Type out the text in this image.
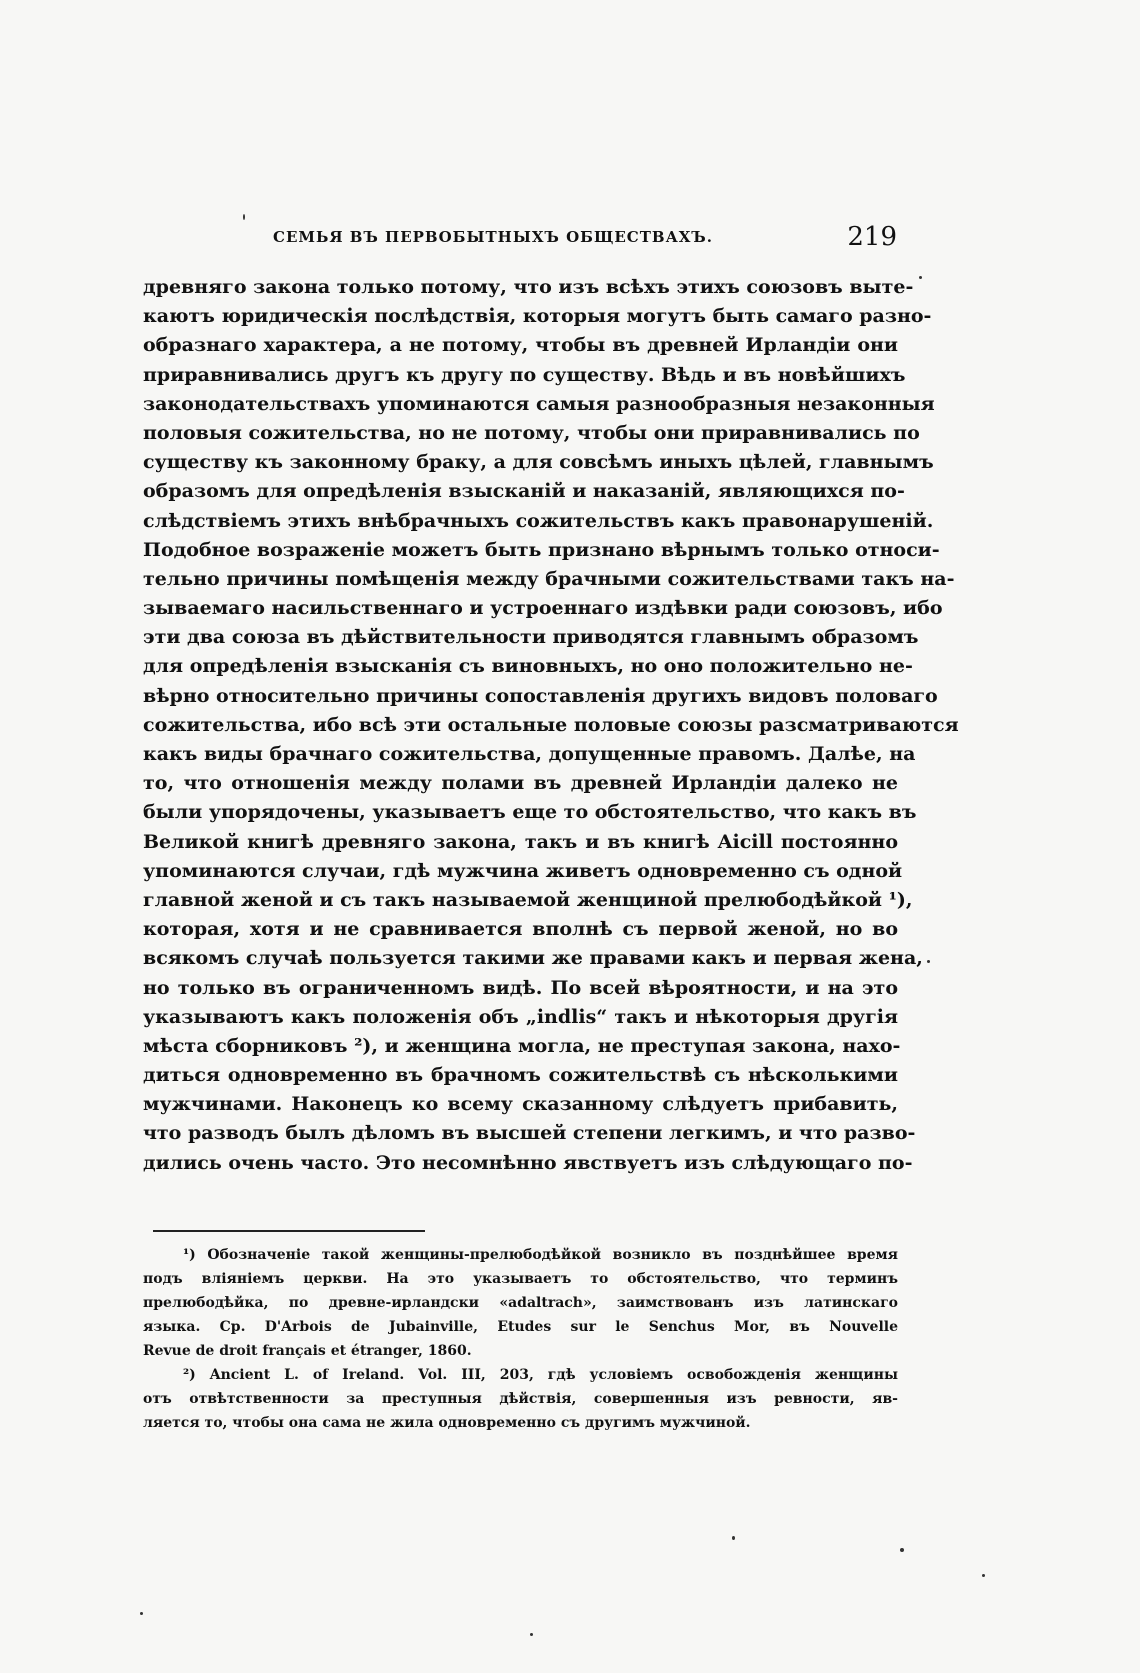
СЕМЬЯ ВЪ ПЕРВОБЫТНЫХЪ ОБЩЕСТВАХЪ.	219
древняго закона только потому, что изъ всѣхъ этихъ союзовъ выте-
каютъ юридическія послѣдствія, которыя могутъ быть самаго разно-
образнаго характера, а не потому, чтобы въ древней Ирландіи они
приравнивались другъ къ другу по существу. Вѣдь и въ новѣйшихъ
законодательствахъ упоминаются самыя разнообразныя незаконныя
половыя сожительства, но не потому, чтобы они приравнивались по
существу къ законному браку, а для совсѣмъ иныхъ цѣлей, главнымъ
образомъ для опредѣленія взысканій и наказаній, являющихся по-
слѣдствіемъ этихъ внѣбрачныхъ сожительствъ какъ правонарушеній.
Подобное возраженіе можетъ быть признано вѣрнымъ только относи-
тельно причины помѣщенія между брачными сожительствами такъ на-
зываемаго насильственнаго и устроеннаго издѣвки ради союзовъ, ибо
эти два союза въ дѣйствительности приводятся главнымъ образомъ
для опредѣленія взысканія съ виновныхъ, но оно положительно не-
вѣрно относительно причины сопоставленія другихъ видовъ половаго
сожительства, ибо всѣ эти остальные половые союзы разсматриваются
какъ виды брачнаго сожительства, допущенные правомъ. Далѣе, на
то, что отношенія между полами въ древней Ирландіи далеко не
были упорядочены, указываетъ еще то обстоятельство, что какъ въ
Великой книгѣ древняго закона, такъ и въ книгѣ Aicill постоянно
упоминаются случаи, гдѣ мужчина живетъ одновременно съ одной
главной женой и съ такъ называемой женщиной прелюбодѣйкой ¹),
которая, хотя и не сравнивается вполнѣ съ первой женой, но во
всякомъ случаѣ пользуется такими же правами какъ и первая жена,
но только въ ограниченномъ видѣ. По всей вѣроятности, и на это
указываютъ какъ положенія объ „indlis“ такъ и нѣкоторыя другія
мѣста сборниковъ ²), и женщина могла, не преступая закона, нахо-
диться одновременно въ брачномъ сожительствѣ съ нѣсколькими
мужчинами. Наконецъ ко всему сказанному слѣдуетъ прибавить,
что разводъ былъ дѣломъ въ высшей степени легкимъ, и что разво-
дились очень часто. Это несомнѣнно явствуетъ изъ слѣдующаго по-
¹) Обозначеніе такой женщины-прелюбодѣйкой возникло въ позднѣйшее время
подъ вліяніемъ церкви. На это указываетъ то обстоятельство, что терминъ
прелюбодѣйка, по древне-ирландски «adaltrach», заимствованъ изъ латинскаго
языка. Ср. D'Arbois de Jubainville, Etudes sur le Senchus Mor, въ Nouvelle
Revue de droit français et étranger, 1860.
²) Ancient L. of Ireland. Vol. III, 203, гдѣ условіемъ освобожденія женщины
отъ отвѣтственности за преступныя дѣйствія, совершенныя изъ ревности, яв-
ляется то, чтобы она сама не жила одновременно съ другимъ мужчиной.
